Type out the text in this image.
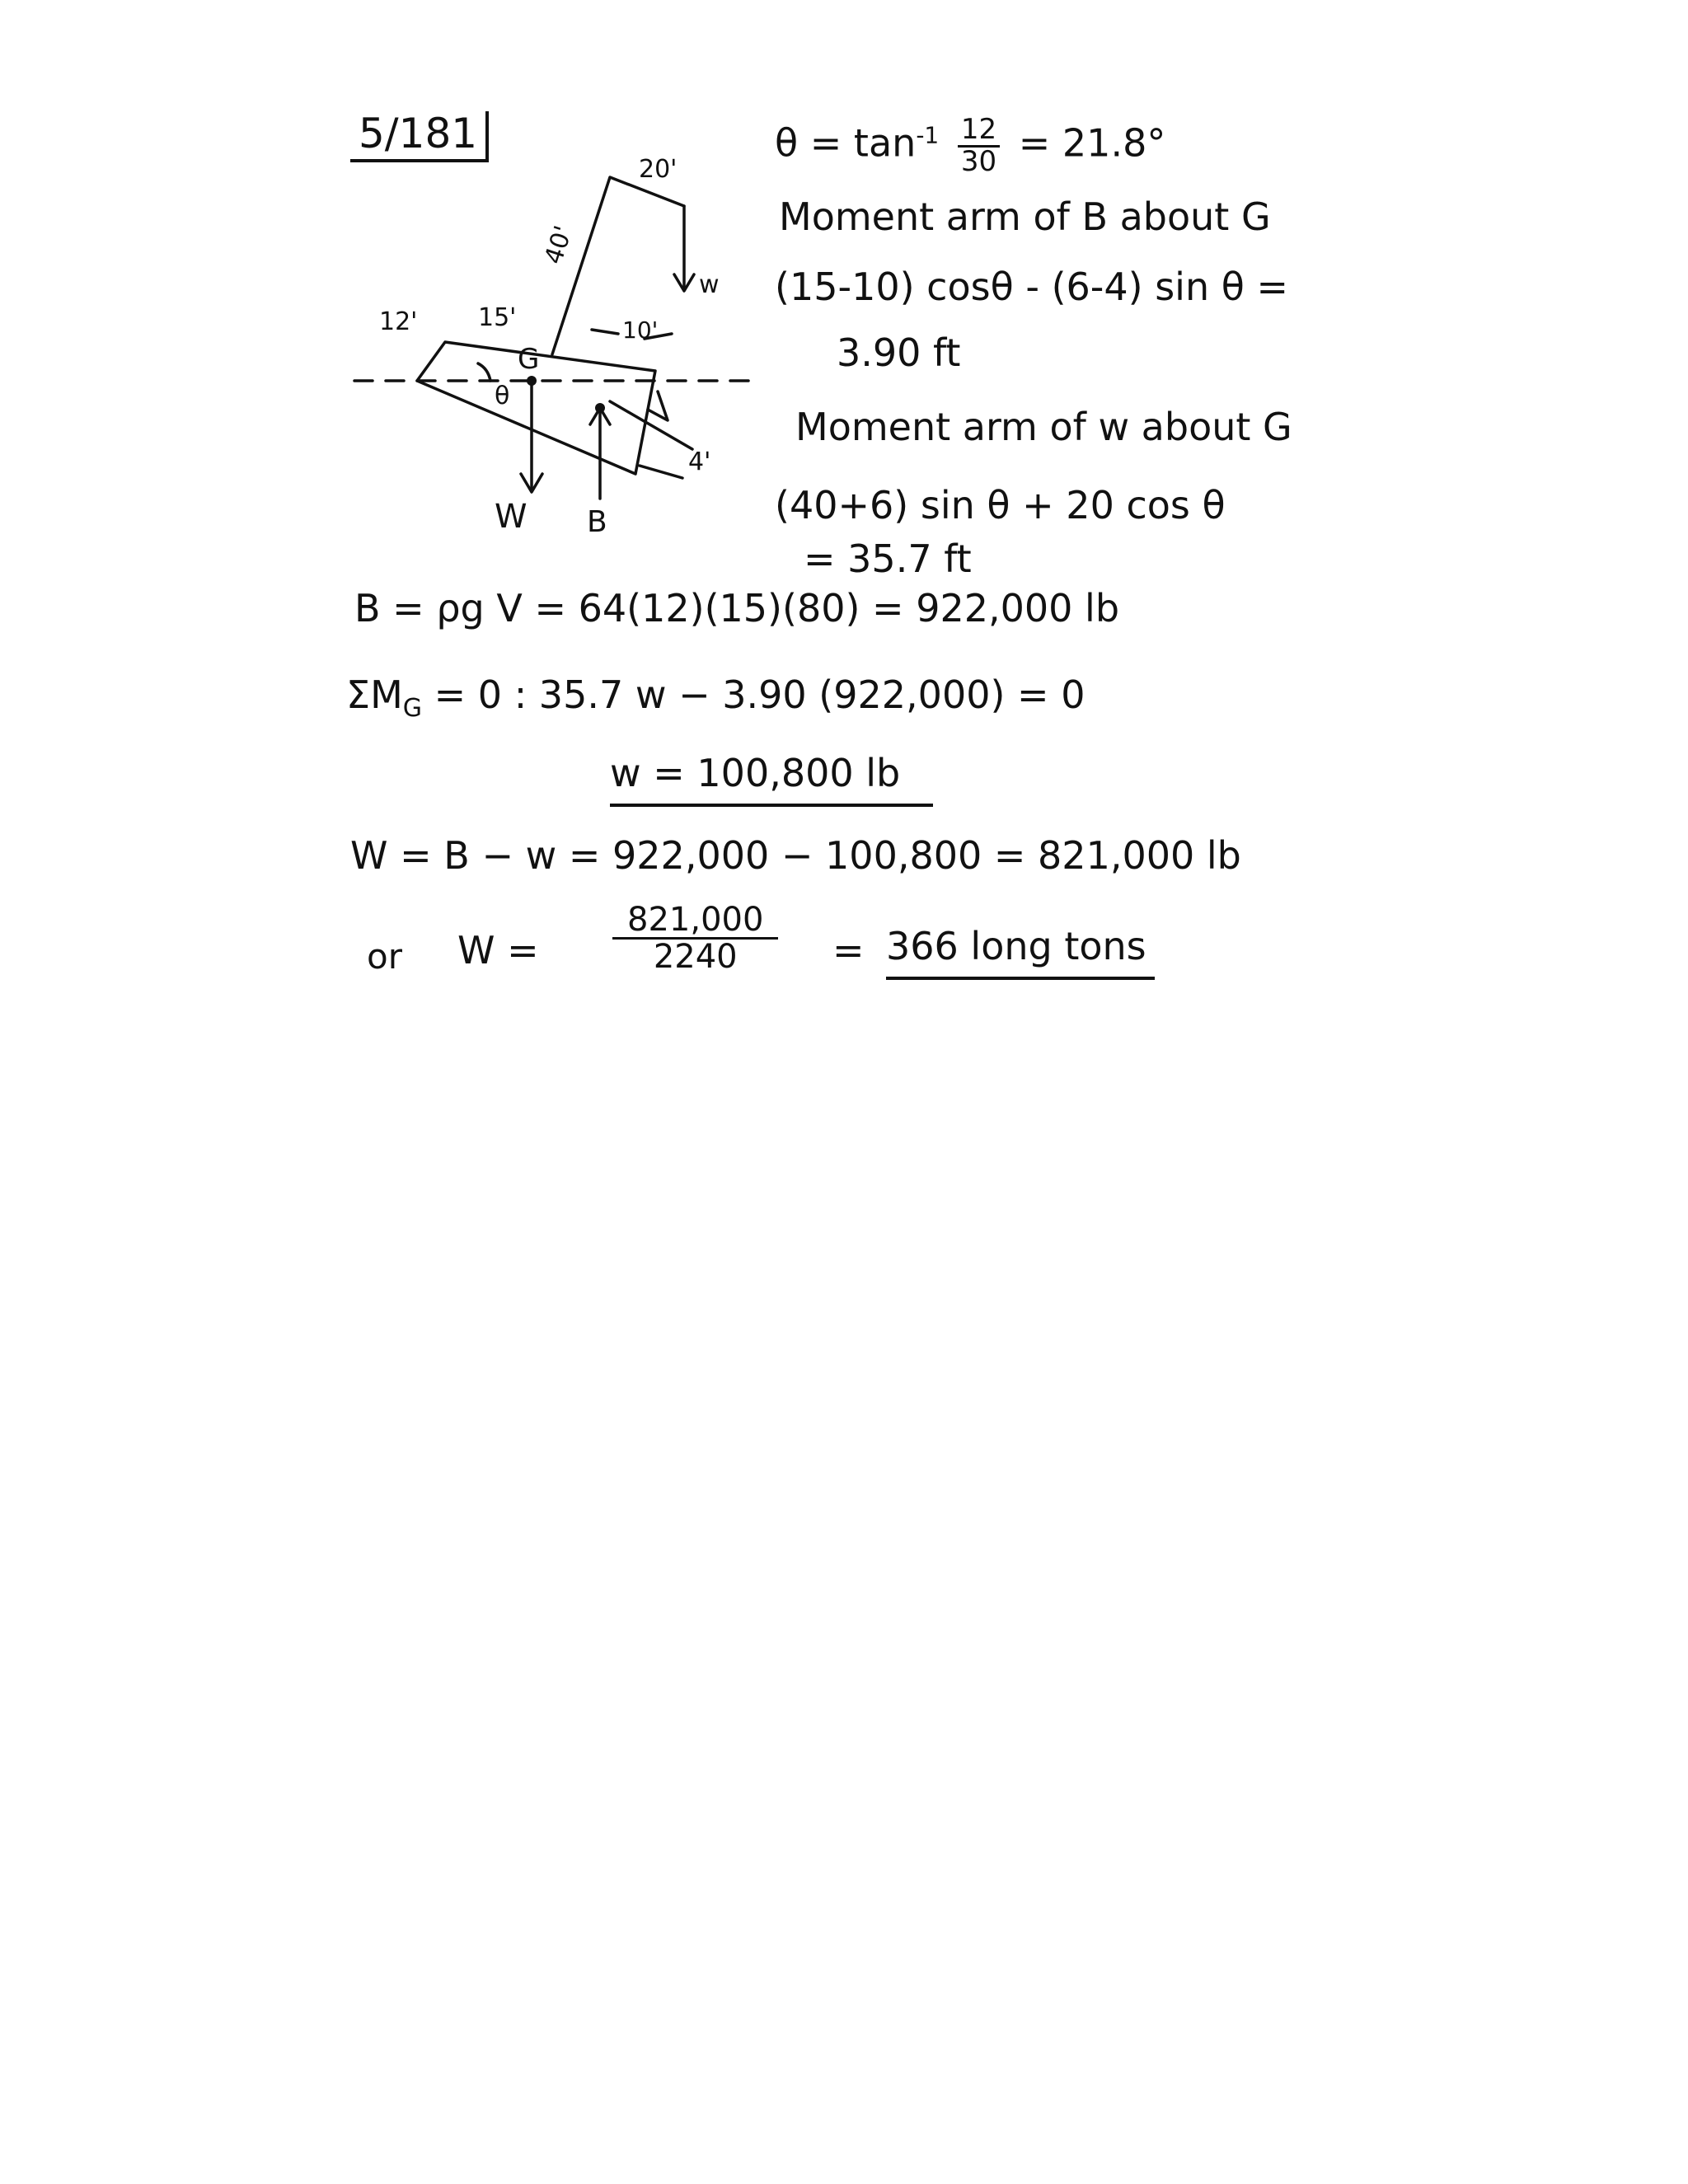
5/181
20'
40'
15'
12'	10'
4'
G
θ
w
W B
$\theta = \tan^{-1} \frac{12}{30} = 21.8^\circ$
Moment arm of B about G
(15-10) cosθ - (6-4) sin θ =
3.90 ft
Moment arm of w about G
(40+6) sin θ + 20 cos θ
= 35.7 ft
B = ρg V = 64(12)(15)(80) = 922,000 lb
$\Sigma M_G = 0$ : 35.7 w − 3.90 (922,000) = 0
w = 100,800 lb
W = B − w = 922,000 − 100,800 = 821,000 lb
or $W = \frac{821,000}{2240} = 366$ long tons
